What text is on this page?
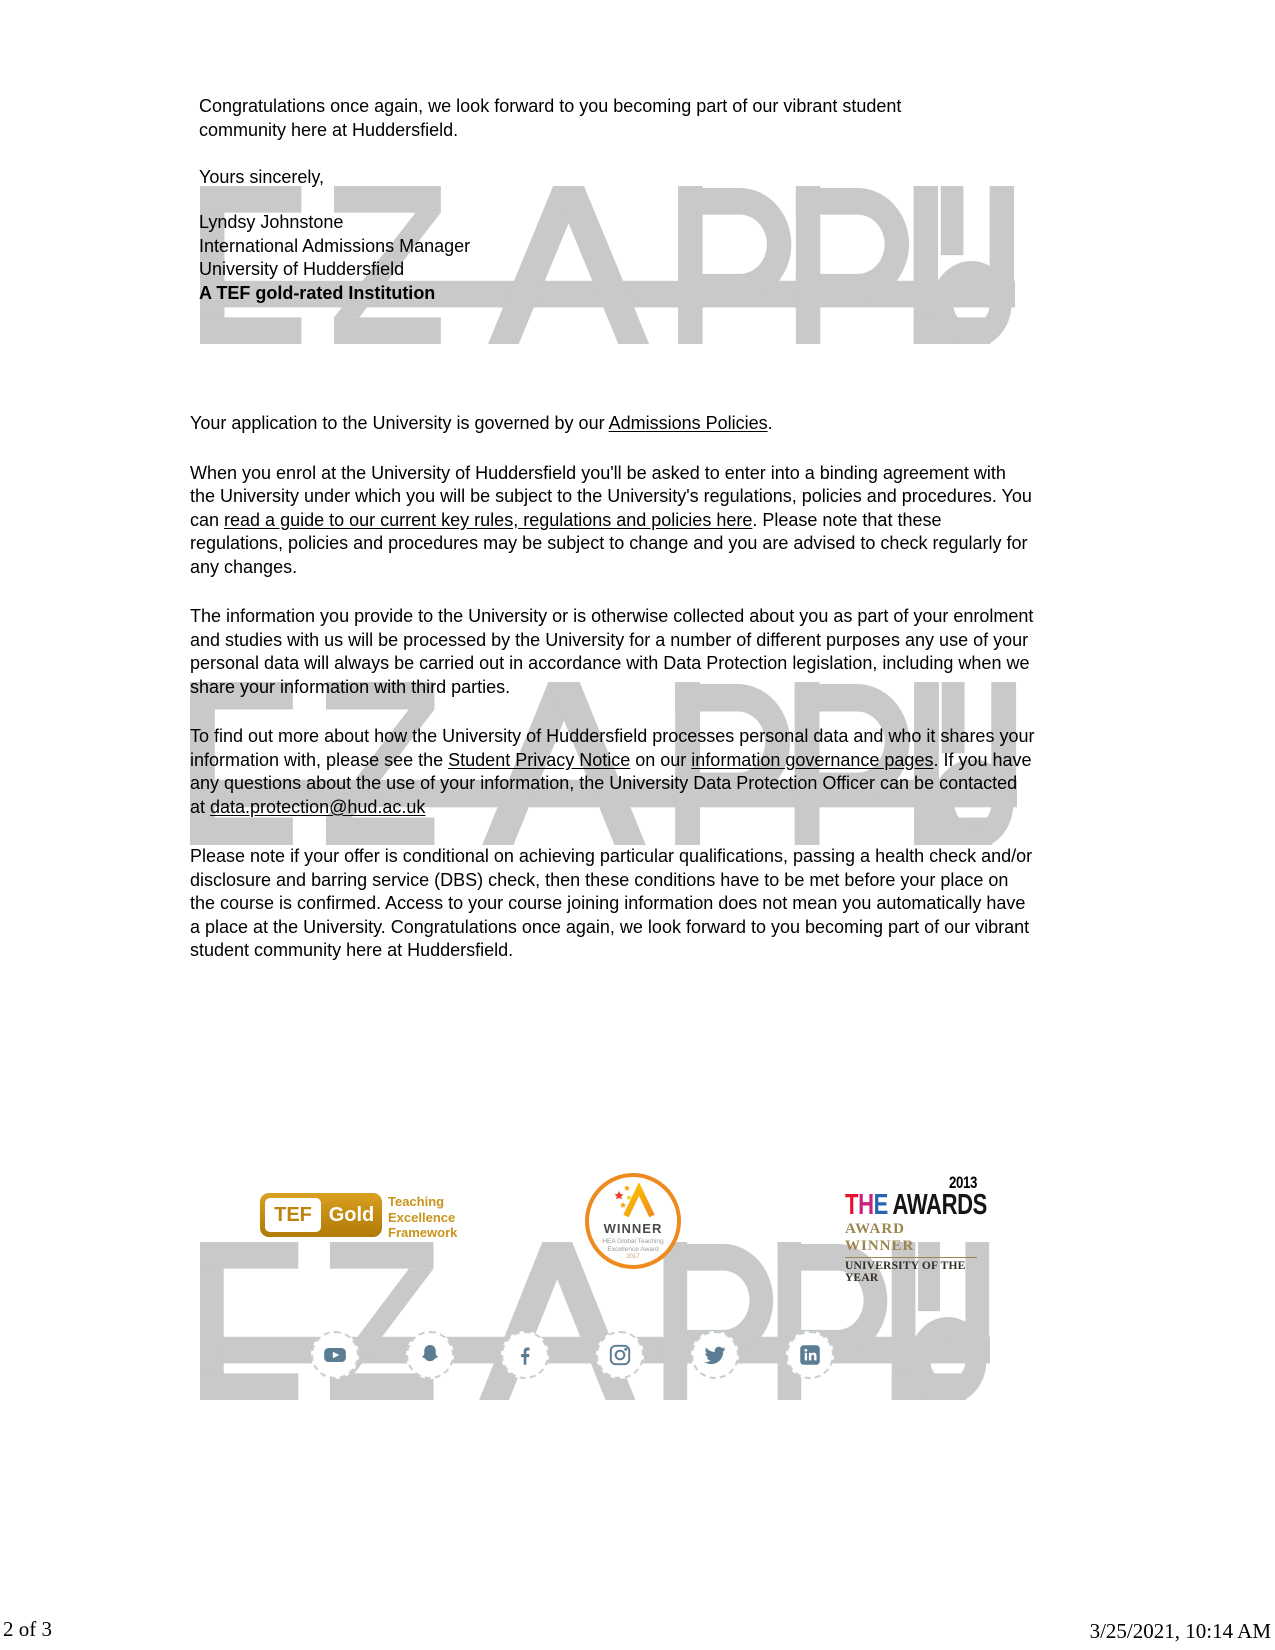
Congratulations once again, we look forward to you becoming part of our vibrant student community here at Huddersfield.
Yours sincerely,
Lyndsy Johnstone
International Admissions Manager
University of Huddersfield
A TEF gold-rated Institution
Your application to the University is governed by our Admissions Policies.
When you enrol at the University of Huddersfield you'll be asked to enter into a binding agreement with the University under which you will be subject to the University's regulations, policies and procedures. You can read a guide to our current key rules, regulations and policies here. Please note that these regulations, policies and procedures may be subject to change and you are advised to check regularly for any changes.
The information you provide to the University or is otherwise collected about you as part of your enrolment and studies with us will be processed by the University for a number of different purposes any use of your personal data will always be carried out in accordance with Data Protection legislation, including when we share your information with third parties.
To find out more about how the University of Huddersfield processes personal data and who it shares your information with, please see the Student Privacy Notice on our information governance pages. If you have any questions about the use of your information, the University Data Protection Officer can be contacted at data.protection@hud.ac.uk
Please note if your offer is conditional on achieving particular qualifications, passing a health check and/or disclosure and barring service (DBS) check, then these conditions have to be met before your place on the course is confirmed. Access to your course joining information does not mean you automatically have a place at the University. Congratulations once again, we look forward to you becoming part of our vibrant student community here at Huddersfield.
TEF Gold
Teaching
Excellence
Framework	WINNER
HEA Global Teaching
Excellence Award
2017
2013
THE AWARDS
AWARD WINNER
UNIVERSITY OF THE YEAR
2 of 3	3/25/2021, 10:14 AM
